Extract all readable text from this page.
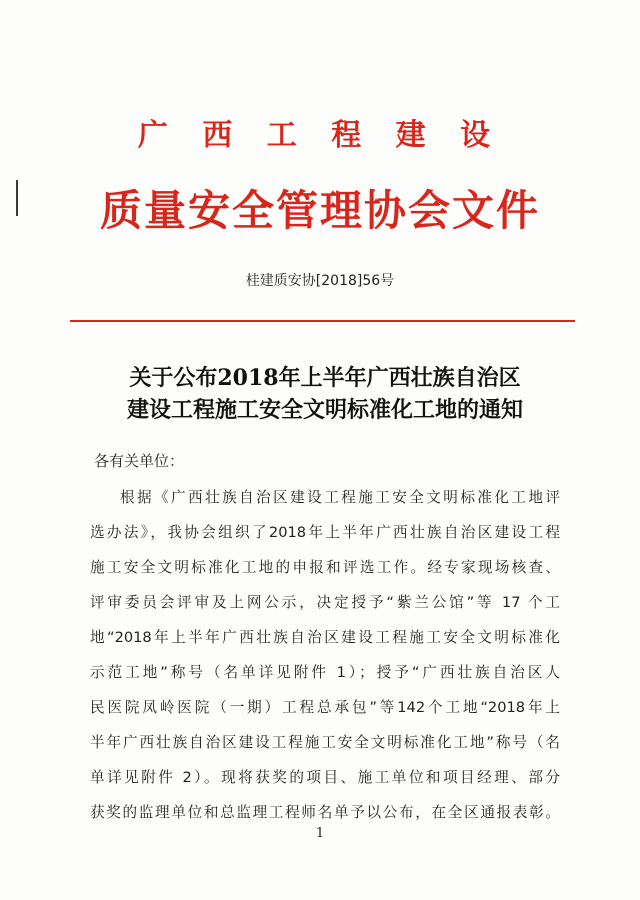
广 西 工 程 建 设
质量安全管理协会文件
桂建质安协[2018]56号
关于公布2018年上半年广西壮族自治区
建设工程施工安全文明标准化工地的通知
各有关单位：
根据《广西壮族自治区建设工程施工安全文明标准化工地评
选办法》，我协会组织了2018年上半年广西壮族自治区建设工程
施工安全文明标准化工地的申报和评选工作。经专家现场核查、
评审委员会评审及上网公示，决定授予“紫兰公馆”等 17 个工
地“2018年上半年广西壮族自治区建设工程施工安全文明标准化
示范工地”称号（名单详见附件 1）；授予“广西壮族自治区人
民医院凤岭医院（一期）工程总承包”等142个工地“2018年上
半年广西壮族自治区建设工程施工安全文明标准化工地”称号（名
单详见附件 2）。现将获奖的项目、施工单位和项目经理、部分
获奖的监理单位和总监理工程师名单予以公布，在全区通报表彰。
1
